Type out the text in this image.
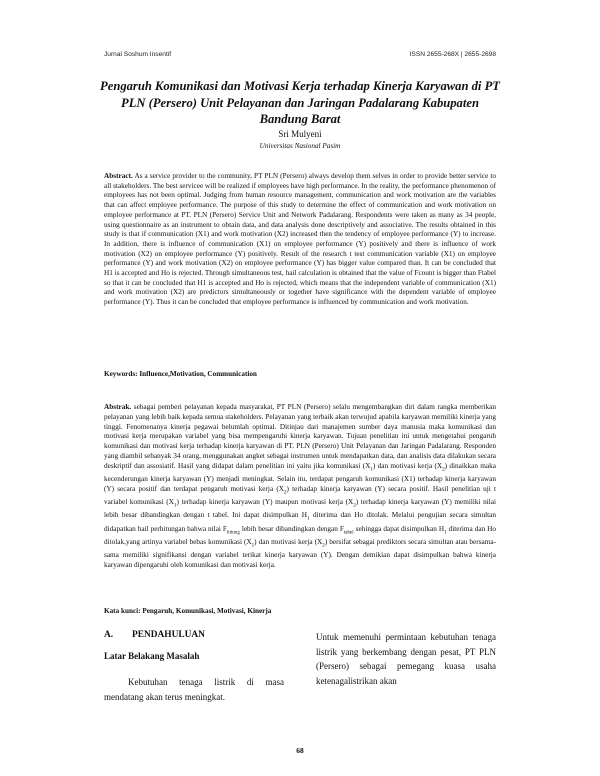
Jurnal Soshum Insentif	ISSN 2655-268X | 2655-2698
Pengaruh Komunikasi dan Motivasi Kerja terhadap Kinerja Karyawan di PT PLN (Persero) Unit Pelayanan dan Jaringan Padalarang Kabupaten Bandung Barat
Sri Mulyeni
Universitas Nasional Pasim

Abstract. As a service provider to the community, PT PLN (Persero) always develop them selves in order to provide better service to all stakeholders. The best servicee will be realized if employees have high performance. In the reality, the performance phenomenon of employees has not been optimal. Judging from human resource management, communication and work motivation are the variables that can affect employee performance. The purpose of this study to determine the effect of communication and work motivation on employee performance at PT. PLN (Persero) Service Unit and Network Padalarang. Respondents were taken as many as 34 people, using questionnaire as an instrument to obtain data, and data analysis done descriptively and associative. The results obtained in this study is that if communication (X1) and work motivation (X2) increased then the tendency of employee performance (Y) to increase. In addition, there is influence of communication (X1) on employee performance (Y) positively and there is influence of work motivation (X2) on employee performance (Y) positively. Result of the research t test communication variable (X1) on employee performance (Y) and work motivation (X2) on employee performance (Y) has bigger value compared than. It can be concluded that H1 is accepted and Ho is rejected. Through simultaneous test, hail calculation is obtained that the value of Fcount is bigger than Ftabel so that it can be concluded that H1 is accepted and Ho is rejected, which means that the independent variable of communication (X1) and work motivation (X2) are predictors simultaneously or together have significance with the dependent variable of employee performance (Y). Thus it can be concluded that employee performance is influenced by communication and work motivation.

Keywords: Influence,Motivation, Communication

Abstrak. sebagai pemberi pelayanan kepada masyarakat, PT PLN (Persero) selalu mengembangkan diri dalam rangka memberikan pelayanan yang lebih baik kepada semua stakeholders. Pelayanan yang terbaik akan terwujud apabila karyawan memiliki kinerja yang tinggi. Fenomenanya kinerja pegawai belumlah optimal. Ditinjau dari manajemen sumber daya manusia maka komunikasi dan motivasi kerja merupakan variabel yang bisa mempengaruhi kinerja karyawan. Tujuan penelitian ini untuk mengetahui pengaruh komunikasi dan motivasi kerja terhadap kinerja karyawan di PT. PLN (Persero) Unit Pelayanan dan Jaringan Padalarang. Responden yang diambil sebanyak 34 orang, menggunakan angket sebagai instrumen untuk mendapatkan data, dan analisis data dilakukan secara deskriptif dan assosiatif. Hasil yang didapat dalam penelitian ini yaitu jika komunikasi $(X_1)$ dan motivasi kerja $(X_2)$ dinaikkan maka kecenderungan kinerja karyawan (Y) menjadi meningkat. Selain itu, terdapat pengaruh komunikasi (X1) terhadap kinerja karyawan (Y) secara positif dan terdapat pengaruh motivasi kerja $(X_2)$ terhadap kinerja karyawan (Y) secara positif. Hasil penelitian uji t variabel komunikasi $(X_1)$ terhadap kinerja karyawan (Y) maupun motivasi kerja $(X_2)$ terhadap kinerja karyawan (Y) memiliki nilai lebih besar dibandingkan dengan t tabel. Ini dapat disimpulkan $H_1$ diterima dan Ho ditolak. Melalui pengujian secara simultan didapatkan hail perhitungan bahwa nilai $F_{hitung}$ lebih besar dibandingkan dengan $F_{tabel}$ sehingga dapat disimpulkan $H_1$ diterima dan Ho ditolak,yang artinya variabel bebas komunikasi $(X_1)$ dan motivasi kerja $(X_2)$ bersifat sebagai prediktors secara simultan atau bersama-sama memiliki signifikansi dengan variabel terikat kinerja karyawan (Y). Dengan demikian dapat disimpulkan bahwa kinerja karyawan dipengaruhi oleh komunikasi dan motivasi kerja.

Kata kunci: Pengaruh, Komunikasi, Motivasi, Kinerja

A. PENDAHULUAN
Latar Belakang Masalah

Kebutuhan tenaga listrik di masa mendatang akan terus meningkat.

Untuk memenuhi permintaan kebutuhan tenaga listrik yang berkembang dengan pesat, PT PLN (Persero) sebagai pemegang kuasa usaha ketenagalistrikan akan

68
